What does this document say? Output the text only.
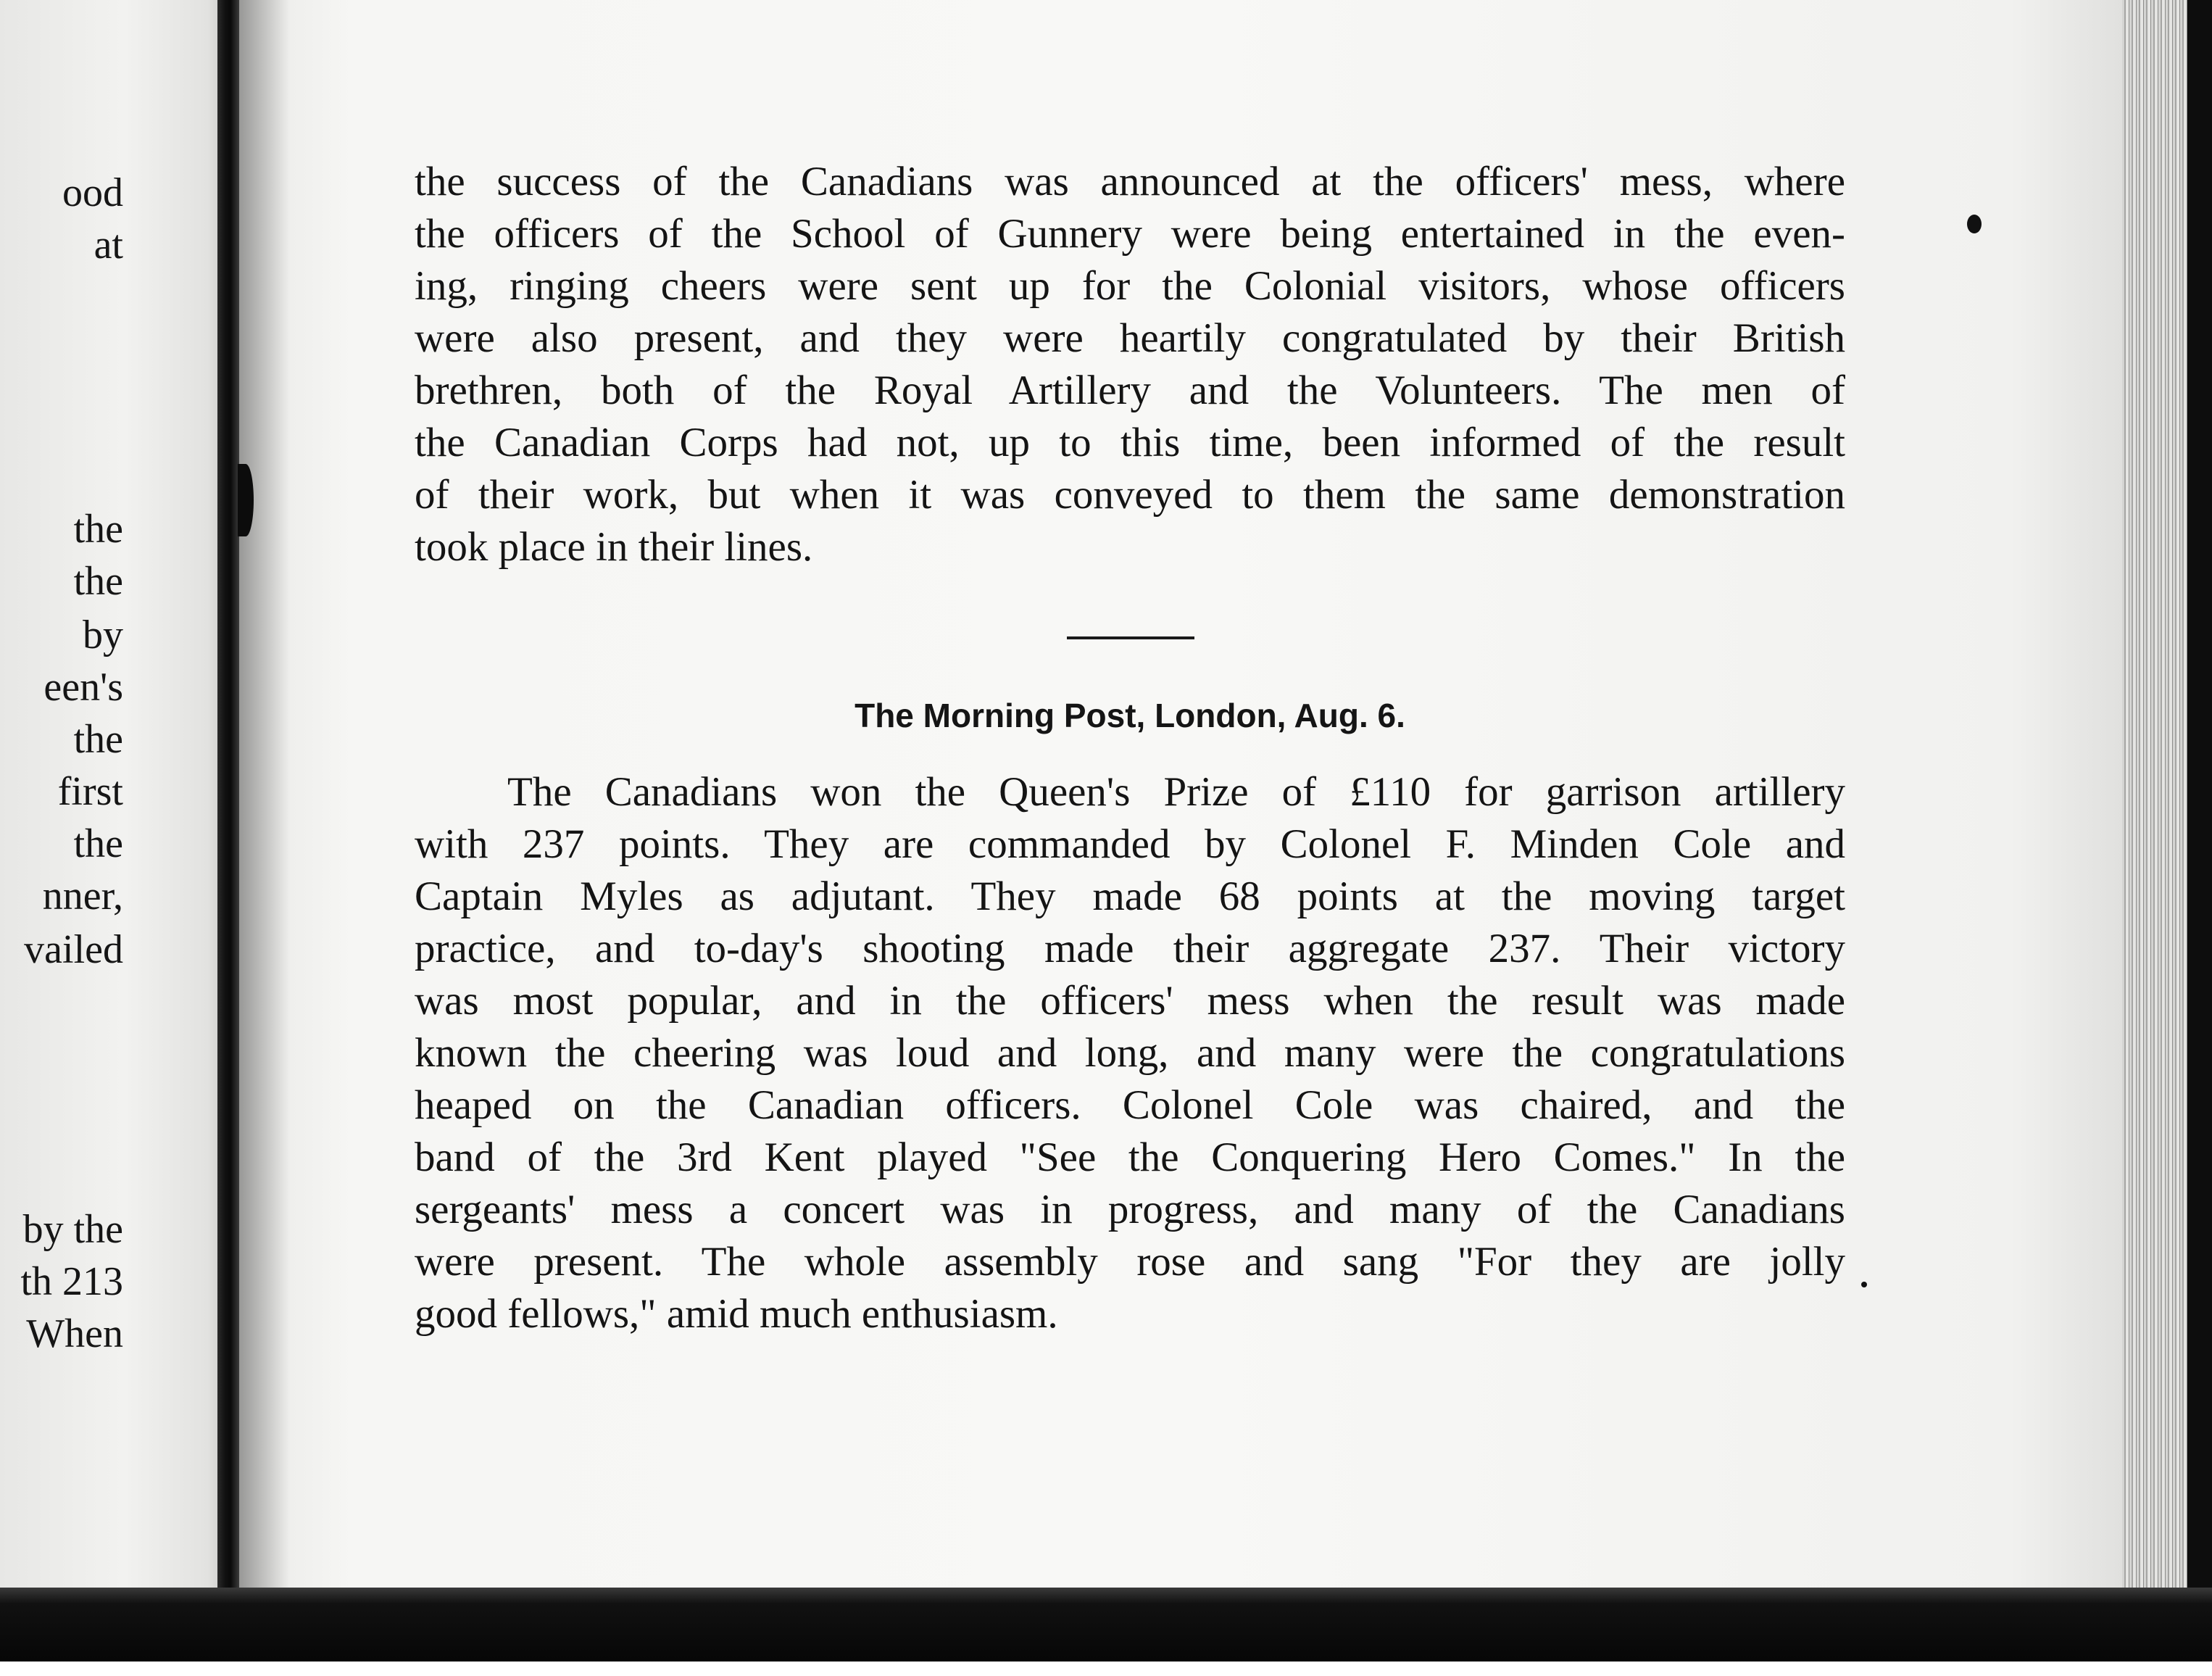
ood
at
the
the
by
een's
the
first
the
nner,
vailed
by the
th 213
When
the success of the Canadians was announced at the officers' mess, where
the officers of the School of Gunnery were being entertained in the even-
ing, ringing cheers were sent up for the Colonial visitors, whose officers
were also present, and they were heartily congratulated by their British
brethren, both of the Royal Artillery and the Volunteers. The men of
the Canadian Corps had not, up to this time, been informed of the result
of their work, but when it was conveyed to them the same demonstration
took place in their lines.
The Morning Post, London, Aug. 6.
The Canadians won the Queen's Prize of £110 for garrison artillery
with 237 points. They are commanded by Colonel F. Minden Cole and
Captain Myles as adjutant. They made 68 points at the moving target
practice, and to-day's shooting made their aggregate 237. Their victory
was most popular, and in the officers' mess when the result was made
known the cheering was loud and long, and many were the congratulations
heaped on the Canadian officers. Colonel Cole was chaired, and the
band of the 3rd Kent played "See the Conquering Hero Comes." In the
sergeants' mess a concert was in progress, and many of the Canadians
were present. The whole assembly rose and sang "For they are jolly
good fellows," amid much enthusiasm.
